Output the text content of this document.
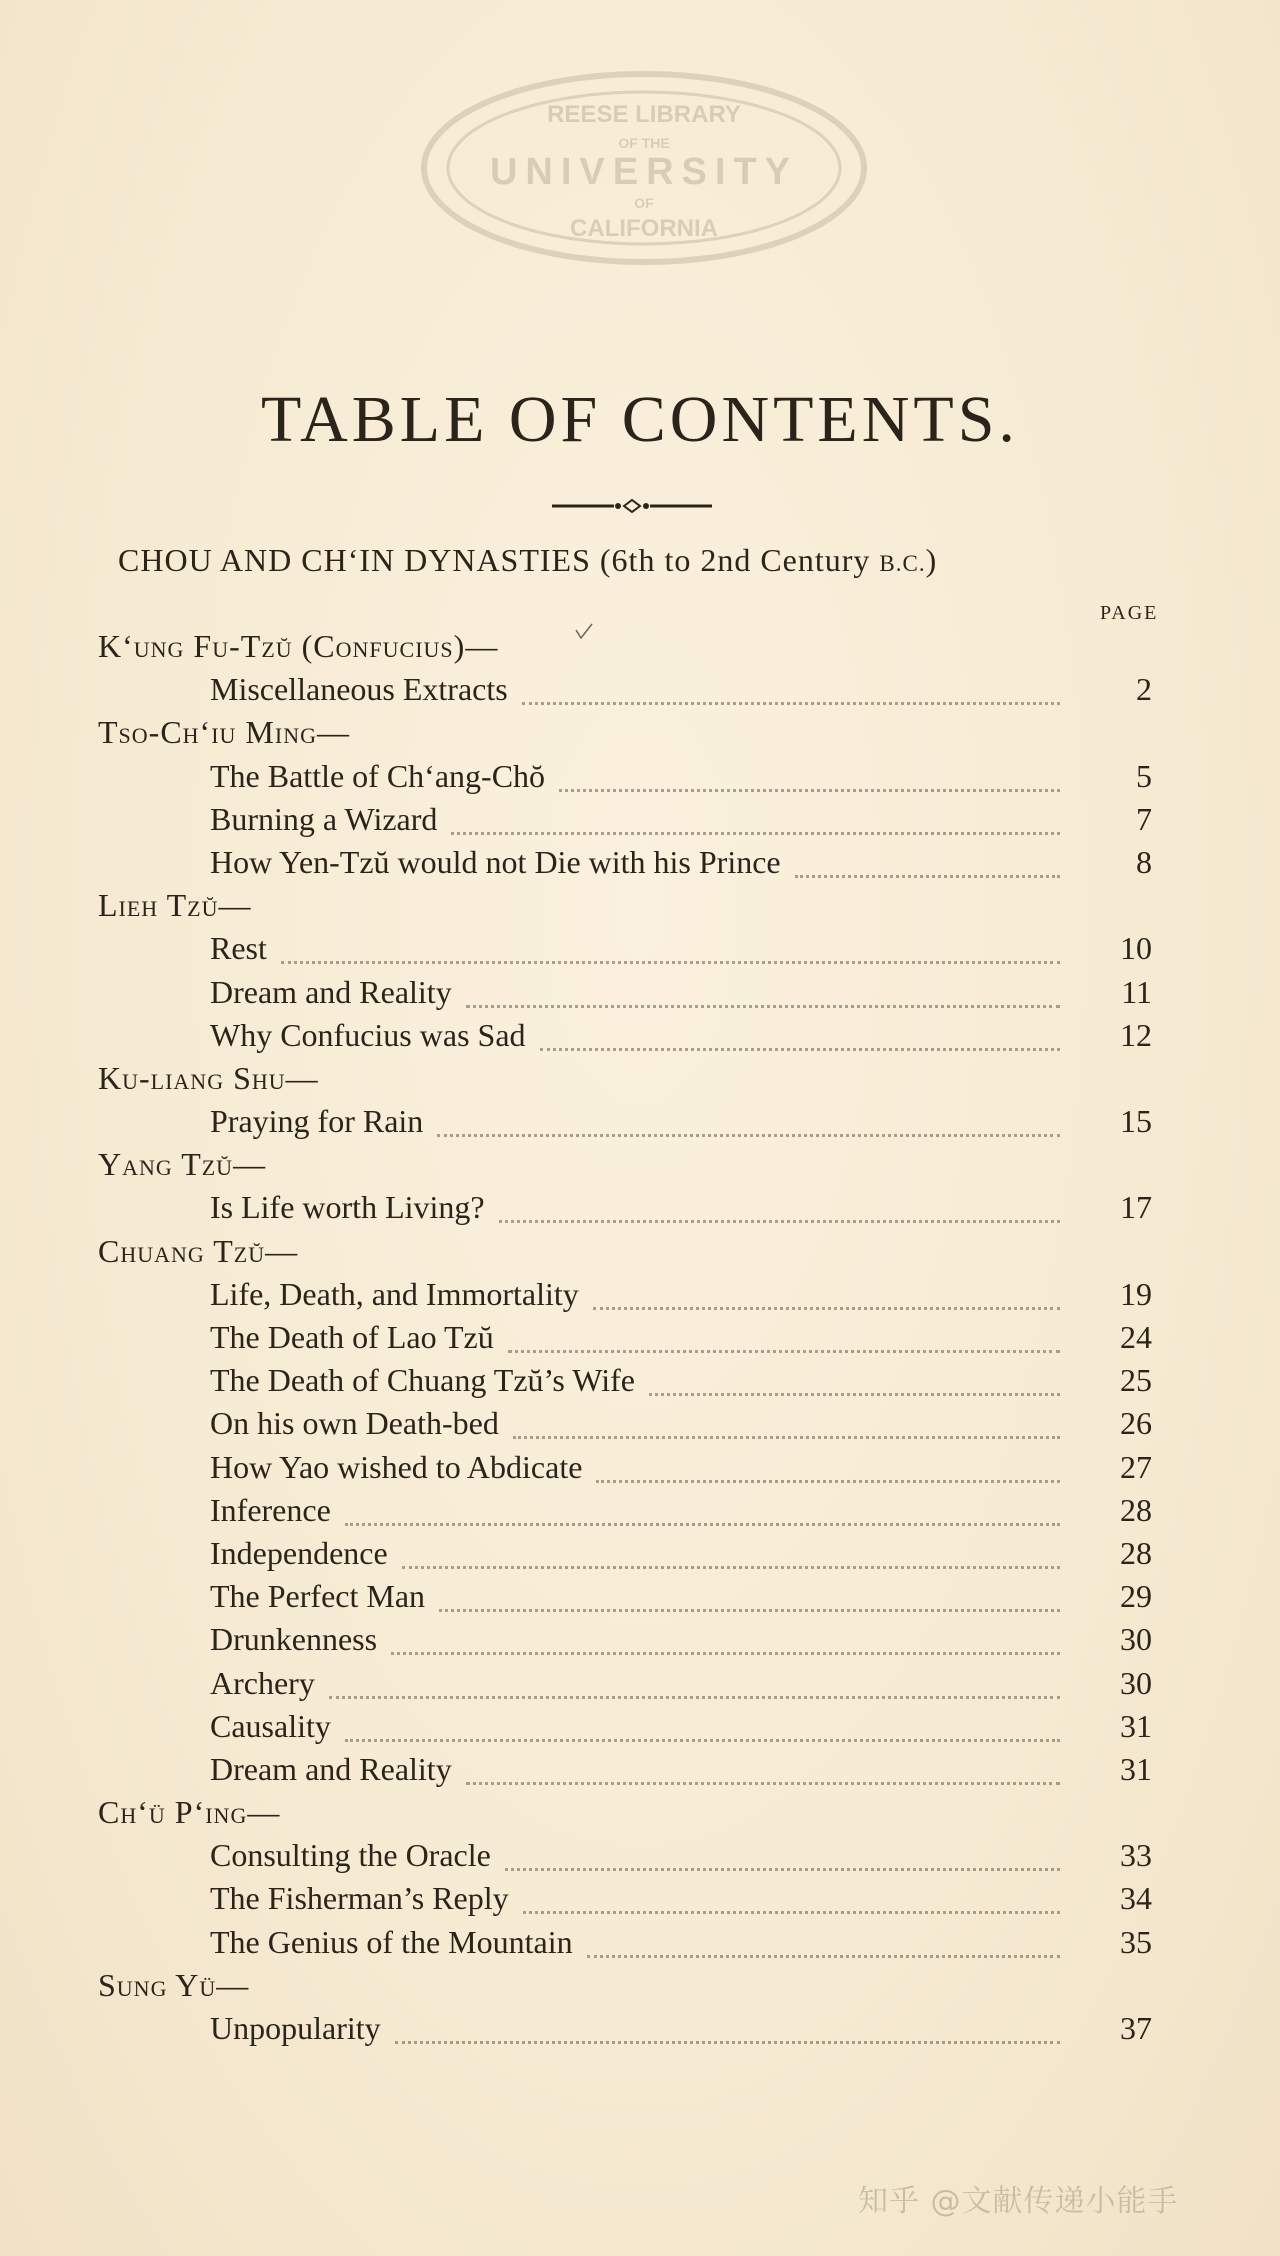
REESE LIBRARY
OF THE
UNIVERSITY
OF
CALIFORNIA
TABLE OF CONTENTS.
CHOU AND CH‘IN DYNASTIES (6th to 2nd Century B.C.)
PAGE
K‘ung Fu-Tzŭ (Confucius)—
Miscellaneous Extracts	2
Tso-Ch‘iu Ming—
The Battle of Ch‘ang-Chŏ	5
Burning a Wizard	7
How Yen-Tzŭ would not Die with his Prince	8
Lieh Tzŭ—
Rest	10
Dream and Reality	11
Why Confucius was Sad	12
Ku-liang Shu—
Praying for Rain	15
Yang Tzŭ—
Is Life worth Living?	17
Chuang Tzŭ—
Life, Death, and Immortality	19
The Death of Lao Tzŭ	24
The Death of Chuang Tzŭ’s Wife	25
On his own Death-bed	26
How Yao wished to Abdicate	27
Inference	28
Independence	28
The Perfect Man	29
Drunkenness	30
Archery	30
Causality	31
Dream and Reality	31
Ch‘ü P‘ing—
Consulting the Oracle	33
The Fisherman’s Reply	34
The Genius of the Mountain	35
Sung Yü—
Unpopularity	37
知乎 @文献传递小能手
